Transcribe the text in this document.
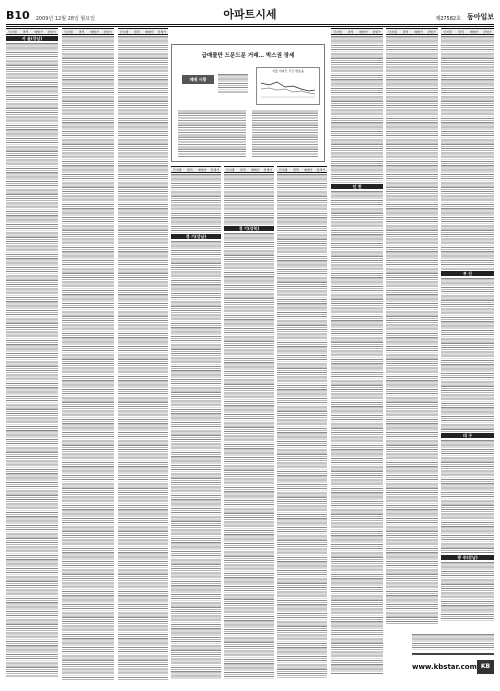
B10 2009년 12월 28일 월요일	아파트시세	제27582호 동아일보
단지명	면적	매매가	전세가
서 울(강남)
단지명	면적	매매가	전세가	단지명	면적	매매가	전세가
급매물만 드문드문 거래… 박스권 장세
매매 시황
서울 아파트 주간 변동률
단지명	면적	매매가	전세가
경 기(강남)
단지명	면적	매매가	전세가
경 기(강북)
단지명	면적	매매가	전세가
단지명	면적	매매가	전세가
인 천
단지명	면적	매매가	전세가	단지명	면적	매매가	전세가
부 산
대 구
광 주(강남)
www.kbstar.com KB
